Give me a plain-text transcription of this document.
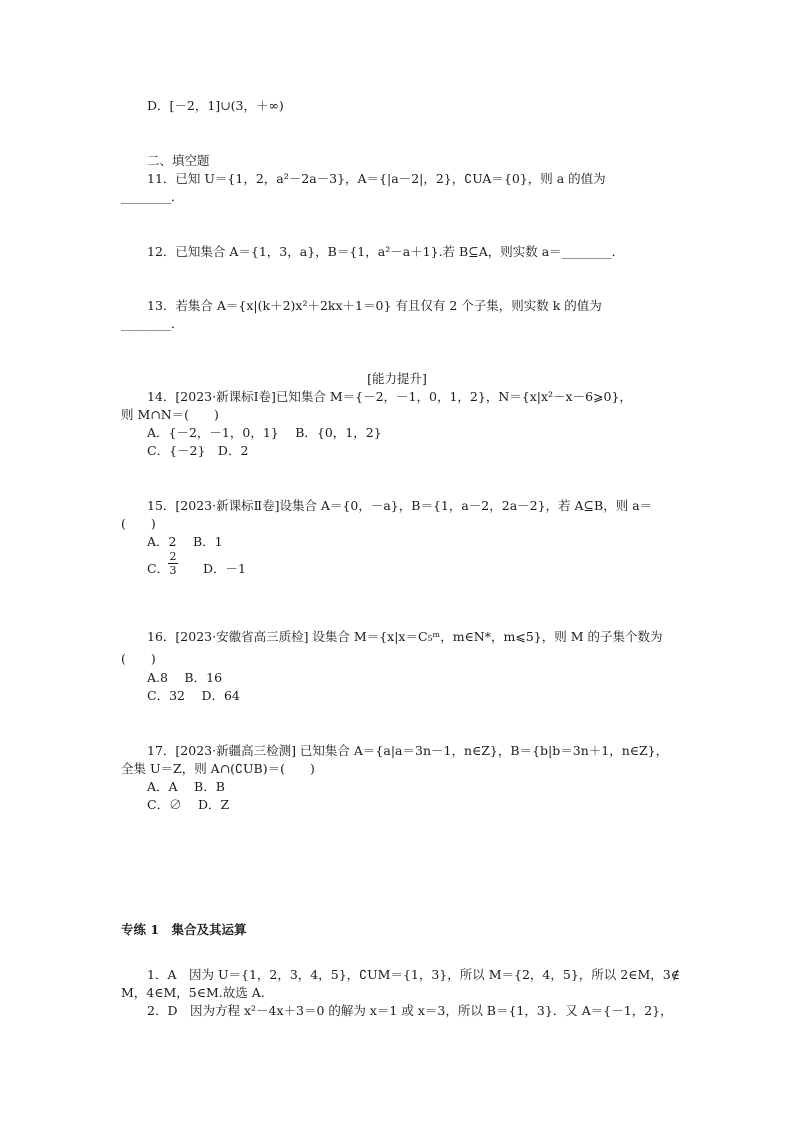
D．[－2，1]∪(3，＋∞)
二、填空题
11．已知 U＝{1，2，a²－2a－3}，A＝{|a－2|，2}，∁UA＝{0}，则 a 的值为
________．
12．已知集合 A＝{1，3，a}，B＝{1，a²－a＋1}.若 B⊆A，则实数 a＝________．
13．若集合 A＝{x|(k＋2)x²＋2kx＋1＝0} 有且仅有 2 个子集，则实数 k 的值为
________．
[能力提升]
14．[2023·新课标Ⅰ卷]已知集合 M＝{－2，－1，0，1，2}，N＝{x|x²－x－6⩾0}，
则 M∩N＝(　　)
A．{－2，－1，0，1}　 B．{0，1，2}
C．{－2}　D．2
15．[2023·新课标Ⅱ卷]设集合 A＝{0，－a}，B＝{1，a－2，2a－2}，若 A⊆B，则 a＝
(　　)
A．2　 B．1
C．
$\frac{2}{3}$ D．－1
16．[2023·安徽省高三质检] 设集合 M＝{x|x＝C₅ᵐ，m∈N*，m⩽5}，则 M 的子集个数为
(　　)
A.8　 B．16
C．32　 D．64
17．[2023·新疆高三检测] 已知集合 A＝{a|a＝3n－1，n∈Z}，B＝{b|b＝3n＋1，n∈Z}，
全集 U＝Z，则 A∩(∁UB)＝(　　)
A．A　 B．B
C．∅　 D．Z
专练 1　集合及其运算
1．A　因为 U＝{1，2，3，4，5}，∁UM＝{1，3}，所以 M＝{2，4，5}，所以 2∈M，3∉
M，4∈M，5∈M.故选 A.
2．D　因为方程 x²－4x＋3＝0 的解为 x＝1 或 x＝3，所以 B＝{1，3}．又 A＝{－1，2}，
